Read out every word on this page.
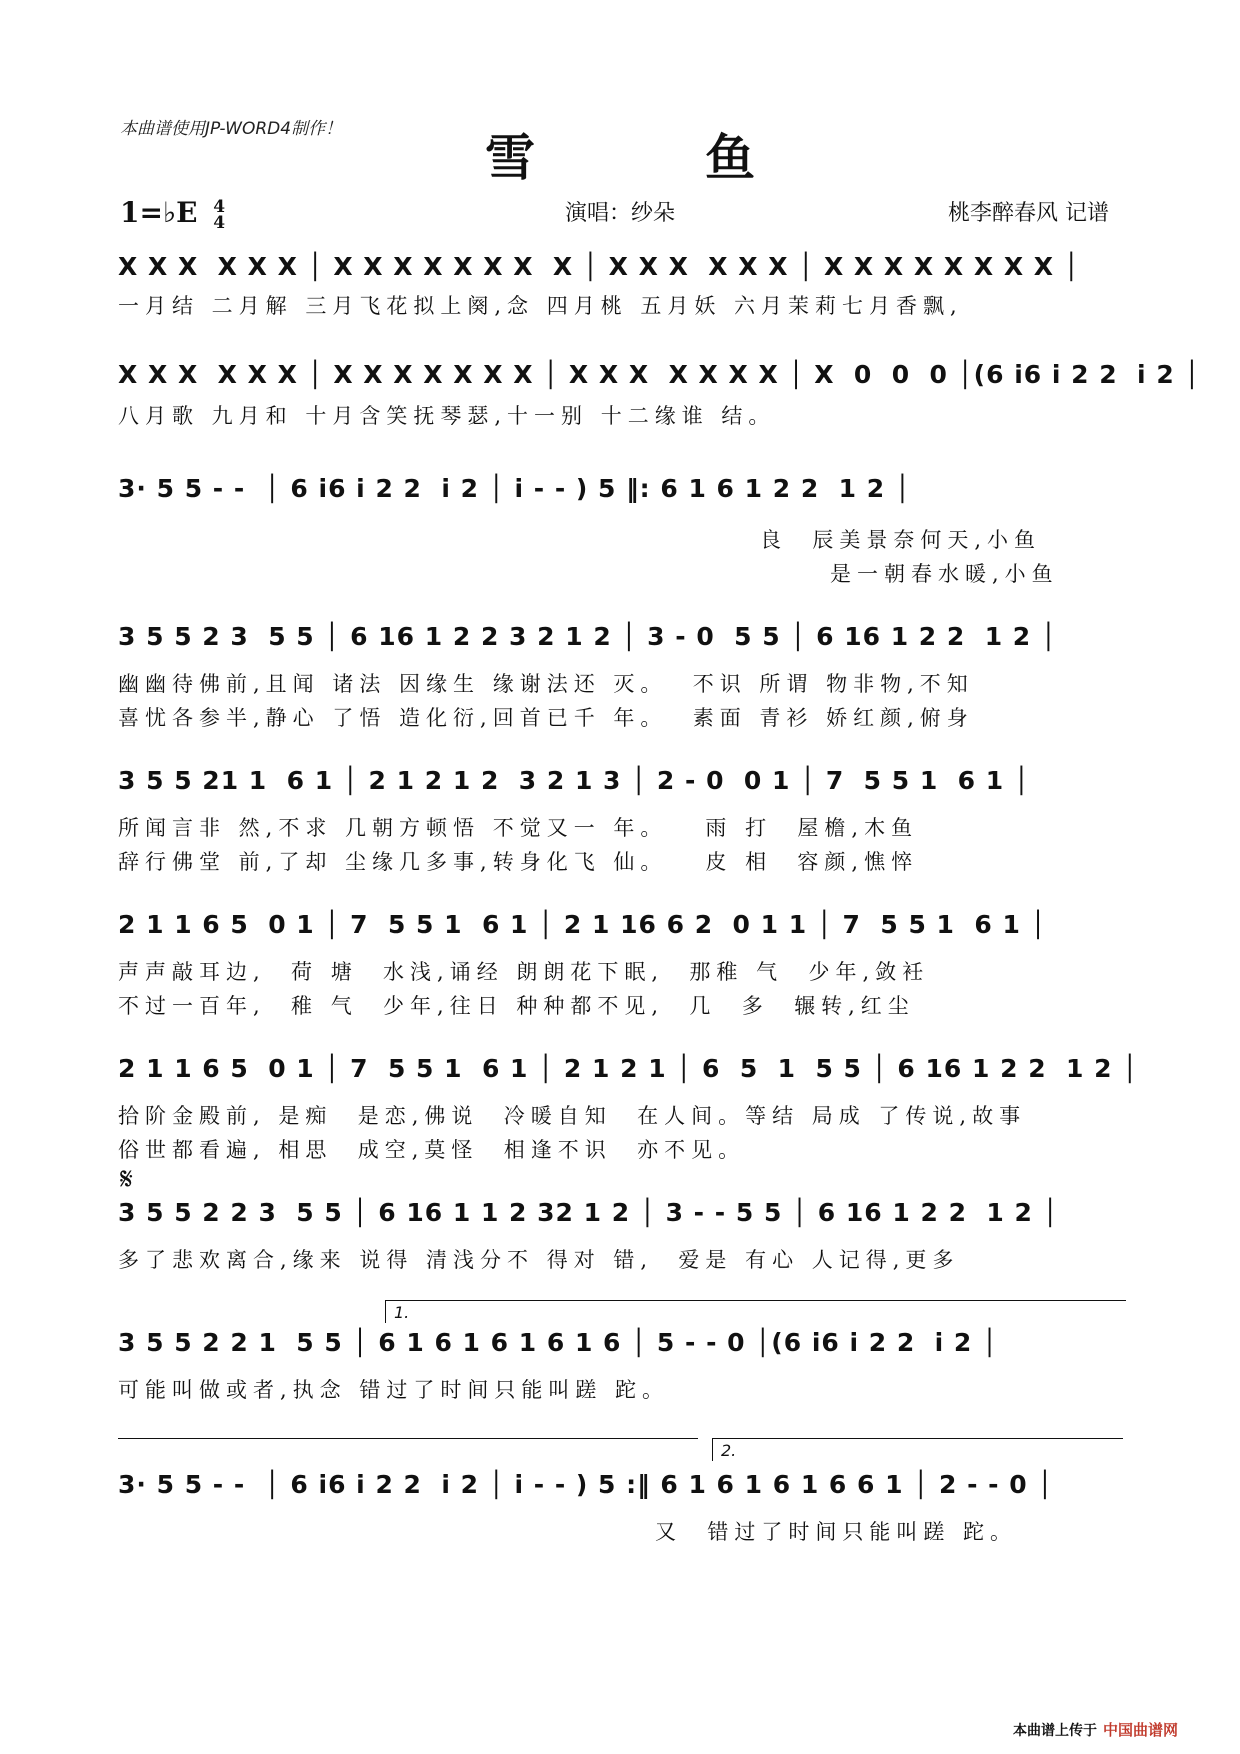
本曲谱使用JP-WORD4制作！	雪　鱼
1=♭E 4
4	演唱：纱朵	桃李醉春风 记谱
X X X  X X X │ X X X X X X X  X │ X X X  X X X │ X X X X X X X X │
一月结 二月解 三月飞花拟上阕,念 四月桃 五月妖 六月茉莉七月香飘,
X X X  X X X │ X X X X X X X │ X X X  X X X X │ X  0  0  0 │(6 i6 i 2 2  i 2 │
八月歌 九月和 十月含笑抚琴瑟,十一别 十二缘谁 结。
3· 5 5 - -  │ 6 i6 i 2 2  i 2 │ i - - ) 5 ‖: 6 1 6 1 2 2  1 2 │
良  辰美景奈何天,小鱼
是一朝春水暖,小鱼
3 5 5 2 3  5 5 │ 6 16 1 2 2 3 2 1 2 │ 3 - 0  5 5 │ 6 16 1 2 2  1 2 │
幽幽待佛前,且闻 诸法 因缘生 缘谢法还 灭。  不识 所谓 物非物,不知
喜忧各参半,静心 了悟 造化衍,回首已千 年。  素面 青衫 娇红颜,俯身
3 5 5 21 1  6 1 │ 2 1 2 1 2  3 2 1 3 │ 2 - 0  0 1 │ 7  5 5 1  6 1 │
所闻言非 然,不求 几朝方顿悟 不觉又一 年。   雨 打  屋檐,木鱼
辞行佛堂 前,了却 尘缘几多事,转身化飞 仙。   皮 相  容颜,憔悴
2 1 1 6 5  0 1 │ 7  5 5 1  6 1 │ 2 1 16 6 2  0 1 1 │ 7  5 5 1  6 1 │
声声敲耳边,  荷 塘  水浅,诵经 朗朗花下眠,  那稚 气  少年,敛衽
不过一百年,  稚 气  少年,往日 种种都不见,  几  多  辗转,红尘
2 1 1 6 5  0 1 │ 7  5 5 1  6 1 │ 2 1 2 1 │ 6  5  1  5 5 │ 6 16 1 2 2  1 2 │
拾阶金殿前, 是痴  是恋,佛说  冷暖自知  在人间。等结 局成 了传说,故事
俗世都看遍, 相思  成空,莫怪  相逢不识  亦不见。
𝄋
3 5 5 2 2 3  5 5 │ 6 16 1 1 2 32 1 2 │ 3 - - 5 5 │ 6 16 1 2 2  1 2 │
多了悲欢离合,缘来 说得 清浅分不 得对 错,  爱是 有心 人记得,更多
1.
3 5 5 2 2 1  5 5 │ 6 1 6 1 6 1 6 1 6 │ 5 - - 0 │(6 i6 i 2 2  i 2 │
可能叫做或者,执念 错过了时间只能叫蹉 跎。
2.
3· 5 5 - -  │ 6 i6 i 2 2  i 2 │ i - - ) 5 :‖ 6 1 6 1 6 1 6 6 1 │ 2 - - 0 │
又  错过了时间只能叫蹉 跎。
本曲谱上传于 中国曲谱网
